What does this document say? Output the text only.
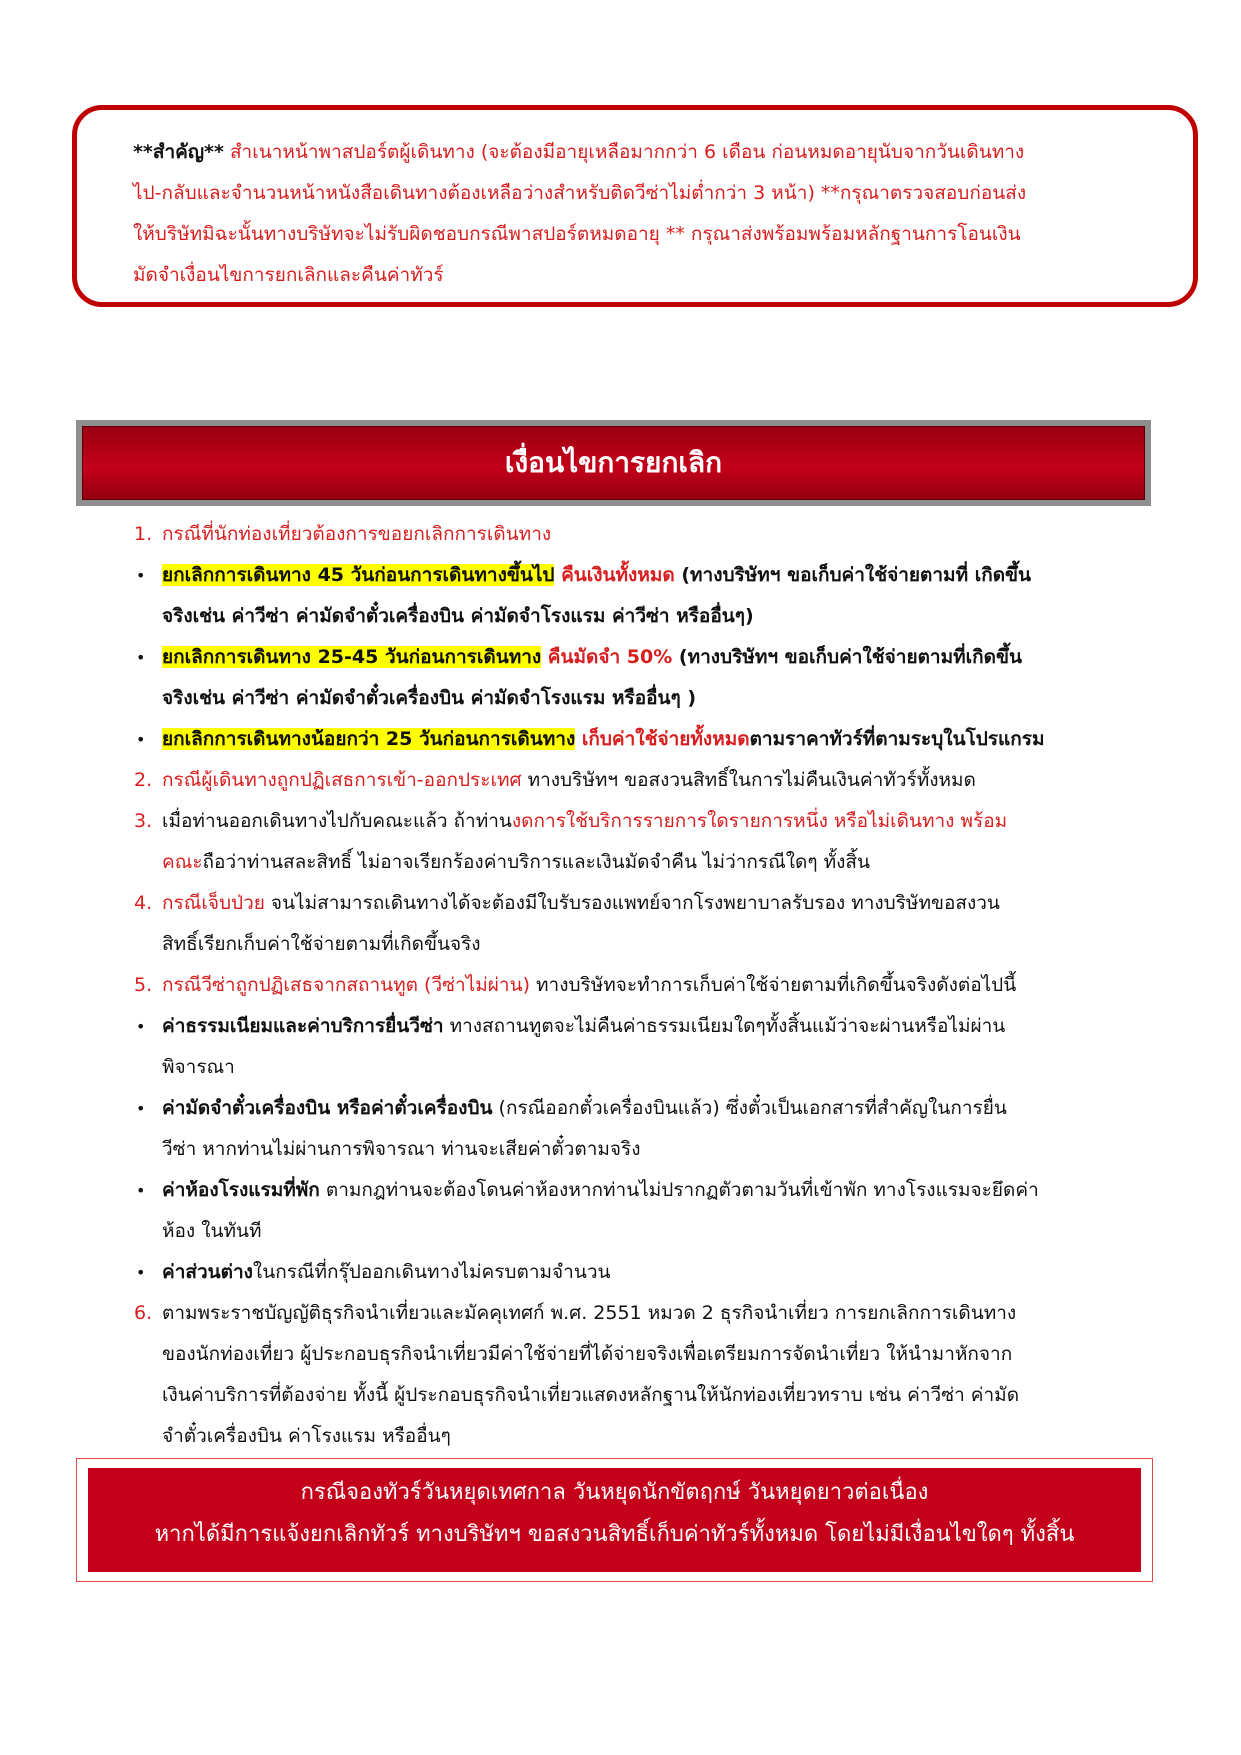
**สำคัญ** สำเนาหน้าพาสปอร์ตผู้เดินทาง (จะต้องมีอายุเหลือมากกว่า 6 เดือน ก่อนหมดอายุนับจากวันเดินทาง

ไป-กลับและจำนวนหน้าหนังสือเดินทางต้องเหลือว่างสำหรับติดวีซ่าไม่ต่ำกว่า 3 หน้า) **กรุณาตรวจสอบก่อนส่ง

ให้บริษัทมิฉะนั้นทางบริษัทจะไม่รับผิดชอบกรณีพาสปอร์ตหมดอายุ ** กรุณาส่งพร้อมพร้อมหลักฐานการโอนเงิน

มัดจำเงื่อนไขการยกเลิกและคืนค่าทัวร์

เงื่อนไขการยกเลิก
1. กรณีที่นักท่องเที่ยวต้องการขอยกเลิกการเดินทาง
• ยกเลิกการเดินทาง 45 วันก่อนการเดินทางขึ้นไป คืนเงินทั้งหมด (ทางบริษัทฯ ขอเก็บค่าใช้จ่ายตามที่ เกิดขึ้น
จริงเช่น ค่าวีซ่า ค่ามัดจำตั๋วเครื่องบิน ค่ามัดจำโรงแรม ค่าวีซ่า หรืออื่นๆ)
• ยกเลิกการเดินทาง 25-45 วันก่อนการเดินทาง คืนมัดจำ 50% (ทางบริษัทฯ ขอเก็บค่าใช้จ่ายตามที่เกิดขึ้น
จริงเช่น ค่าวีซ่า ค่ามัดจำตั๋วเครื่องบิน ค่ามัดจำโรงแรม หรืออื่นๆ )
• ยกเลิกการเดินทางน้อยกว่า 25 วันก่อนการเดินทาง เก็บค่าใช้จ่ายทั้งหมดตามราคาทัวร์ที่ตามระบุในโปรแกรม
2. กรณีผู้เดินทางถูกปฏิเสธการเข้า-ออกประเทศ ทางบริษัทฯ ขอสงวนสิทธิ์ในการไม่คืนเงินค่าทัวร์ทั้งหมด
3. เมื่อท่านออกเดินทางไปกับคณะแล้ว ถ้าท่านงดการใช้บริการรายการใดรายการหนึ่ง หรือไม่เดินทาง พร้อม
คณะถือว่าท่านสละสิทธิ์ ไม่อาจเรียกร้องค่าบริการและเงินมัดจำคืน ไม่ว่ากรณีใดๆ ทั้งสิ้น
4. กรณีเจ็บป่วย จนไม่สามารถเดินทางได้จะต้องมีใบรับรองแพทย์จากโรงพยาบาลรับรอง ทางบริษัทขอสงวน
สิทธิ์เรียกเก็บค่าใช้จ่ายตามที่เกิดขึ้นจริง
5. กรณีวีซ่าถูกปฏิเสธจากสถานทูต (วีซ่าไม่ผ่าน) ทางบริษัทจะทำการเก็บค่าใช้จ่ายตามที่เกิดขึ้นจริงดังต่อไปนี้
• ค่าธรรมเนียมและค่าบริการยื่นวีซ่า ทางสถานทูตจะไม่คืนค่าธรรมเนียมใดๆทั้งสิ้นแม้ว่าจะผ่านหรือไม่ผ่าน
พิจารณา
• ค่ามัดจำตั๋วเครื่องบิน หรือค่าตั๋วเครื่องบิน (กรณีออกตั๋วเครื่องบินแล้ว) ซึ่งตั๋วเป็นเอกสารที่สำคัญในการยื่น
วีซ่า หากท่านไม่ผ่านการพิจารณา ท่านจะเสียค่าตั๋วตามจริง
• ค่าห้องโรงแรมที่พัก ตามกฎท่านจะต้องโดนค่าห้องหากท่านไม่ปรากฏตัวตามวันที่เข้าพัก ทางโรงแรมจะยึดค่า
ห้อง ในทันที
• ค่าส่วนต่างในกรณีที่กรุ๊ปออกเดินทางไม่ครบตามจำนวน
6. ตามพระราชบัญญัติธุรกิจนำเที่ยวและมัคคุเทศก์ พ.ศ. 2551 หมวด 2 ธุรกิจนำเที่ยว การยกเลิกการเดินทาง
ของนักท่องเที่ยว ผู้ประกอบธุรกิจนำเที่ยวมีค่าใช้จ่ายที่ได้จ่ายจริงเพื่อเตรียมการจัดนำเที่ยว ให้นำมาหักจาก
เงินค่าบริการที่ต้องจ่าย ทั้งนี้ ผู้ประกอบธุรกิจนำเที่ยวแสดงหลักฐานให้นักท่องเที่ยวทราบ เช่น ค่าวีซ่า ค่ามัด
จำตั๋วเครื่องบิน ค่าโรงแรม หรืออื่นๆ
กรณีจองทัวร์วันหยุดเทศกาล วันหยุดนักขัตฤกษ์ วันหยุดยาวต่อเนื่อง
หากได้มีการแจ้งยกเลิกทัวร์ ทางบริษัทฯ ขอสงวนสิทธิ์เก็บค่าทัวร์ทั้งหมด โดยไม่มีเงื่อนไขใดๆ ทั้งสิ้น
